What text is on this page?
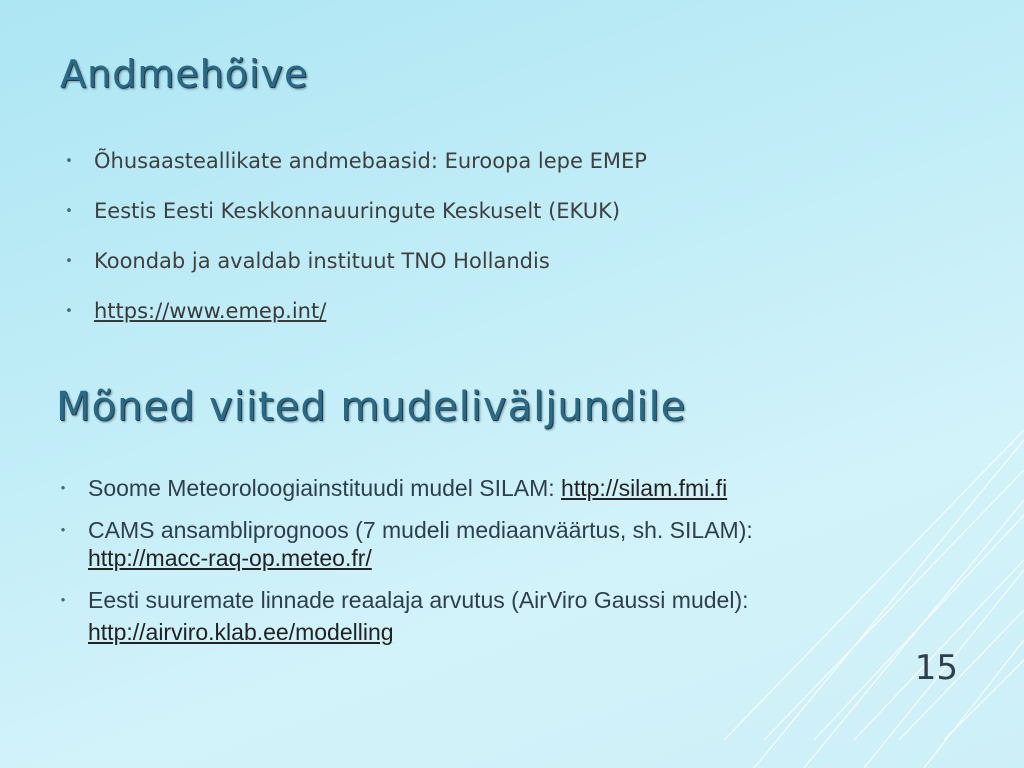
Andmehõive
• Õhusaasteallikate andmebaasid: Euroopa lepe EMEP
• Eestis Eesti Keskkonnauuringute Keskuselt (EKUK)
• Koondab ja avaldab instituut TNO Hollandis
• https://www.emep.int/
Mõned viited mudeliväljundile
• Soome Meteoroloogiainstituudi mudel SILAM: http://silam.fmi.fi
• CAMS ansambliprognoos (7 mudeli mediaanväärtus, sh. SILAM):
http://macc-raq-op.meteo.fr/
• Eesti suuremate linnade reaalaja arvutus (AirViro Gaussi mudel):
http://airviro.klab.ee/modelling
15
